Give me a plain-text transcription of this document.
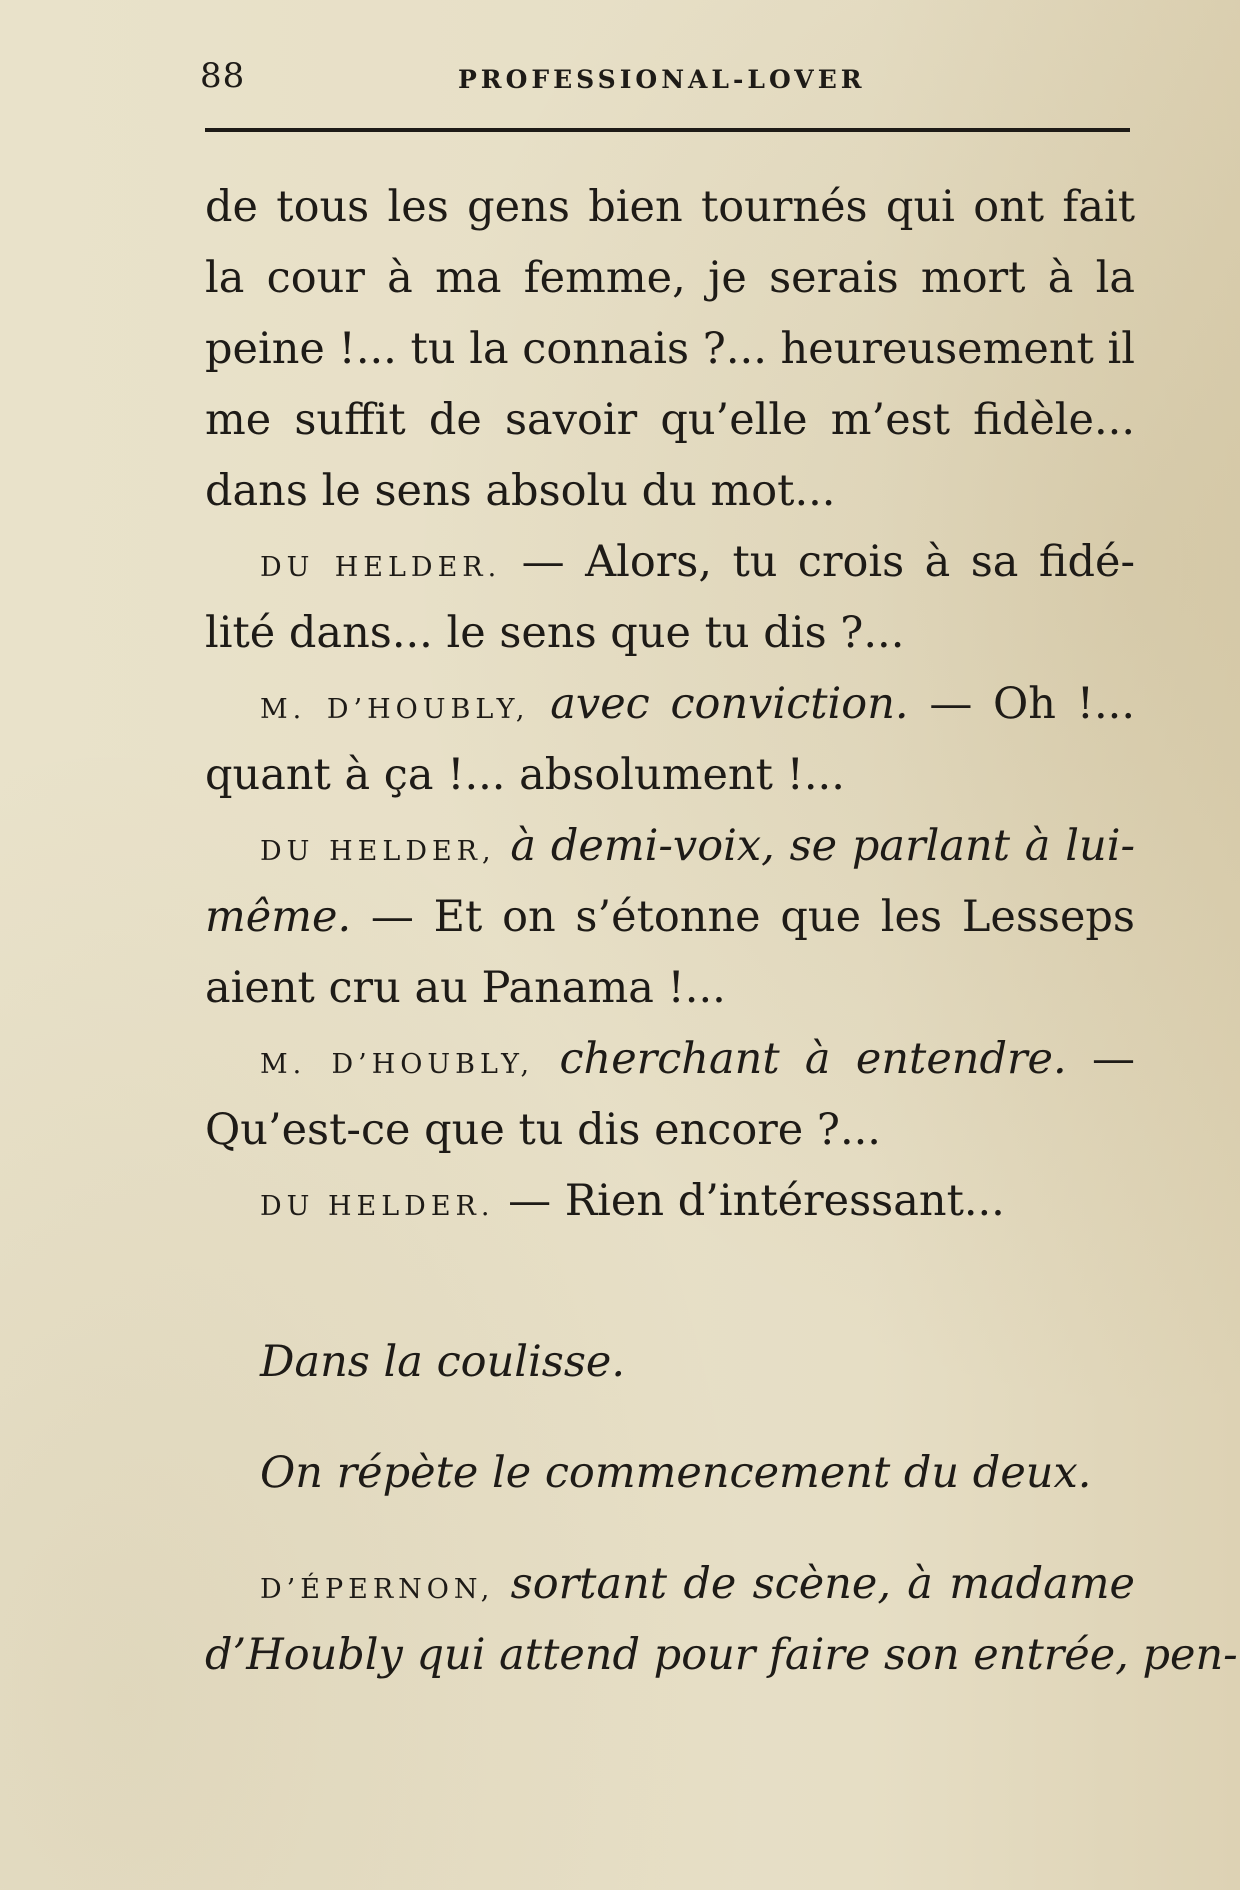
88	PROFESSIONAL-LOVER
de tous les gens bien tournés qui ont fait
la cour à ma femme, je serais mort à la
peine !... tu la connais ?... heureusement il
me suffit de savoir qu’elle m’est fidèle...
dans le sens absolu du mot...
DU HELDER. — Alors, tu crois à sa fidé-
lité dans... le sens que tu dis ?...
M. D’HOUBLY, avec conviction. — Oh !...
quant à ça !... absolument !...
DU HELDER, à demi-voix, se parlant à lui-
même. — Et on s’étonne que les Lesseps
aient cru au Panama !...
M. D’HOUBLY, cherchant à entendre. —
Qu’est-ce que tu dis encore ?...
DU HELDER. — Rien d’intéressant...
Dans la coulisse.
On répète le commencement du deux.
D’ÉPERNON, sortant de scène, à madame
d’Houbly qui attend pour faire son entrée, pen-
